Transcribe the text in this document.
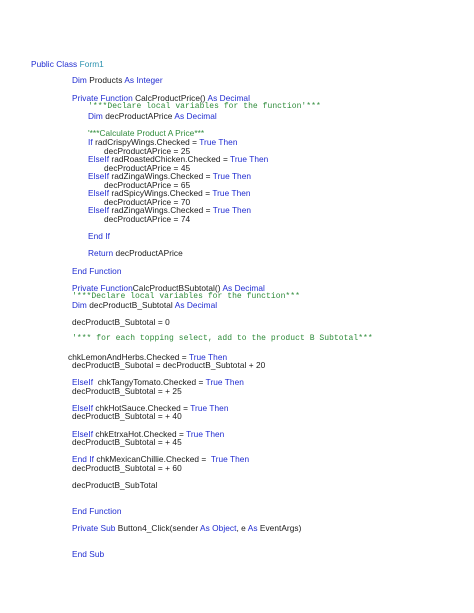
Public Class Form1
Dim Products As Integer
Private Function CalcProductPrice() As Decimal
'***Declare local variables for the function'***
Dim decProductAPrice As Decimal
'***Calculate Product A Price***
If radCrispyWings.Checked = True Then
decProductAPrice = 25
ElseIf radRoastedChicken.Checked = True Then
decProductAPrice = 45
ElseIf radZingaWings.Checked = True Then
decProductAPrice = 65
ElseIf radSpicyWings.Checked = True Then
decProductAPrice = 70
ElseIf radZingaWings.Checked = True Then
decProductAPrice = 74
End If
Return decProductAPrice
End Function
Private FunctionCalcProductBSubtotal() As Decimal
'***Declare local variables for the function***
Dim decProductB_Subtotal As Decimal
decProductB_Subtotal = 0
'*** for each topping select, add to the product B Subtotal***
chkLemonAndHerbs.Checked = True Then
decProductB_Subotal = decProductB_Subtotal + 20
ElseIf  chkTangyTomato.Checked = True Then
decProductB_Subtotal = + 25
ElseIf chkHotSauce.Checked = True Then
decProductB_Subtotal = + 40
ElseIf chkEtrxaHot.Checked = True Then
decProductB_Subtotal = + 45
End If chkMexicanChillie.Checked =  True Then
decProductB_Subtotal = + 60
decProductB_SubTotal
End Function
Private Sub Button4_Click(sender As Object, e As EventArgs)
End Sub
